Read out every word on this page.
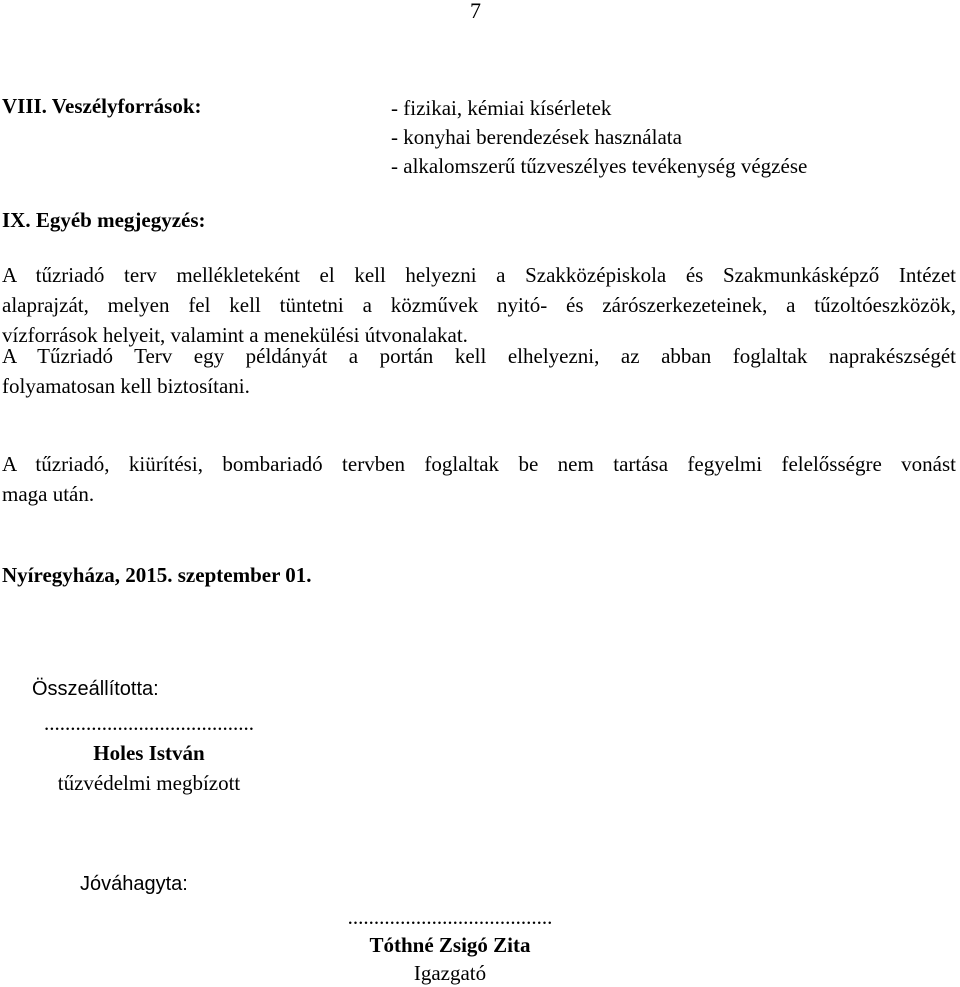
7
VIII. Veszélyforrások:	- fizikai, kémiai kísérletek
- konyhai berendezések használata
- alkalomszerű tűzveszélyes tevékenység végzése
IX. Egyéb megjegyzés:
A tűzriadó terv mellékleteként el kell helyezni a Szakközépiskola és Szakmunkásképző Intézet
alaprajzát, melyen fel kell tüntetni a közművek nyitó- és zárószerkezeteinek, a tűzoltóeszközök,
vízforrások helyeit, valamint a menekülési útvonalakat.
A Tűzriadó Terv egy példányát a portán kell elhelyezni, az abban foglaltak naprakészségét
folyamatosan kell biztosítani.
A tűzriadó, kiürítési, bombariadó tervben foglaltak be nem tartása fegyelmi felelősségre vonást
maga után.
Nyíregyháza, 2015. szeptember 01.
Összeállította:
........................................
Holes István
tűzvédelmi megbízott
Jóváhagyta:
.......................................
Tóthné Zsigó Zita
Igazgató
